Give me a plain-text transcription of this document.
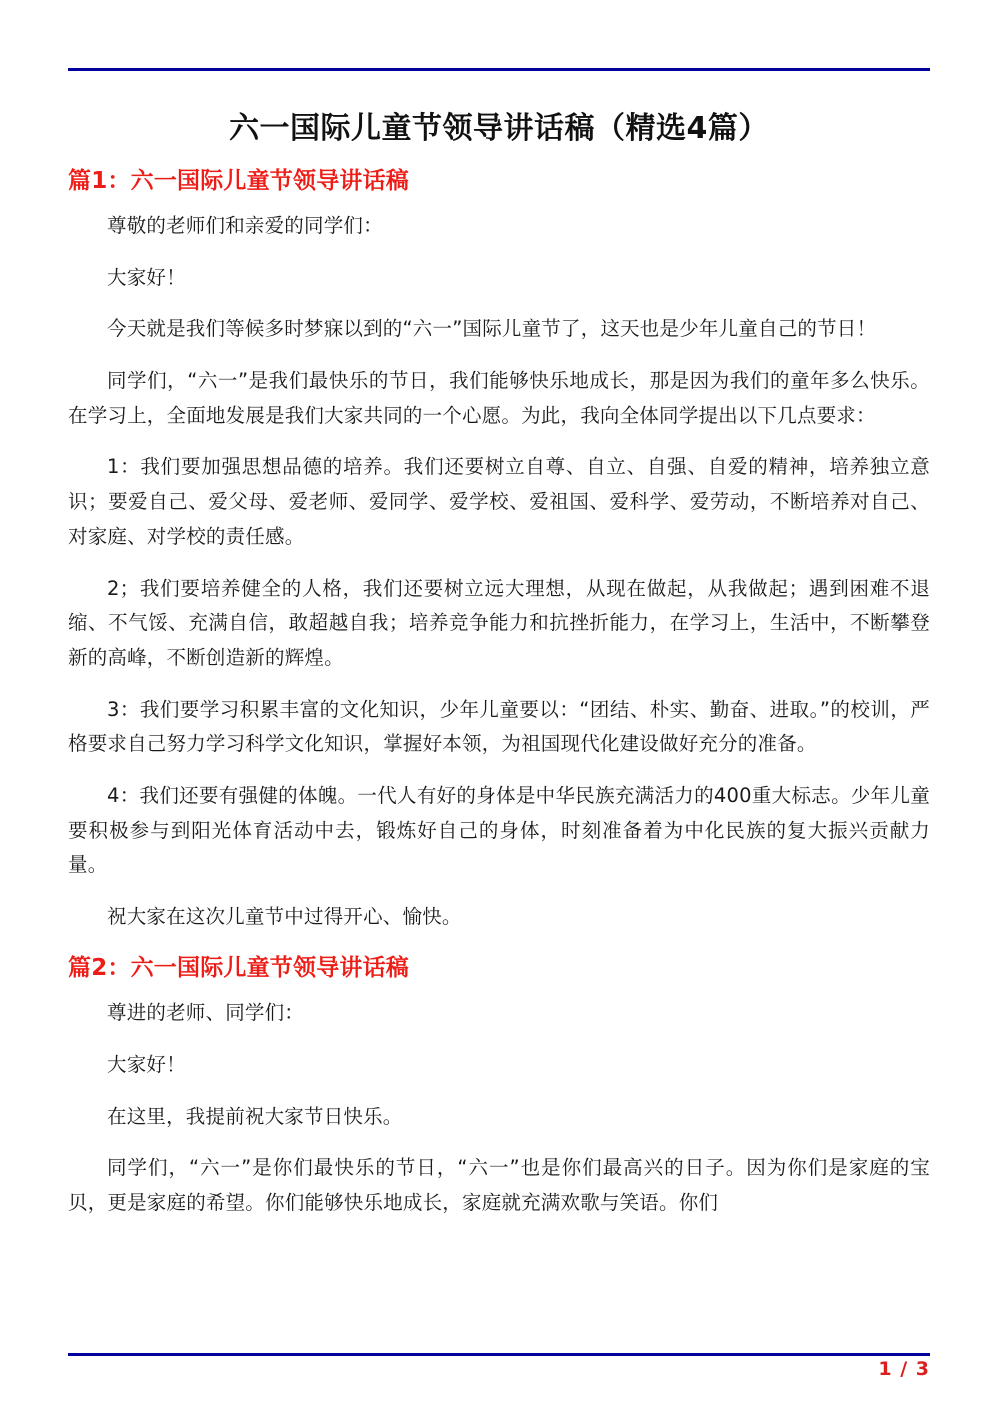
六一国际儿童节领导讲话稿（精选4篇）
篇1：六一国际儿童节领导讲话稿

尊敬的老师们和亲爱的同学们：

大家好！

今天就是我们等候多时梦寐以到的“六一”国际儿童节了，这天也是少年儿童自己的节日！

同学们，“六一”是我们最快乐的节日，我们能够快乐地成长，那是因为我们的童年多么快乐。在学习上，全面地发展是我们大家共同的一个心愿。为此，我向全体同学提出以下几点要求：

1：我们要加强思想品德的培养。我们还要树立自尊、自立、自强、自爱的精神，培养独立意识；要爱自己、爱父母、爱老师、爱同学、爱学校、爱祖国、爱科学、爱劳动，不断培养对自己、对家庭、对学校的责任感。

2；我们要培养健全的人格，我们还要树立远大理想，从现在做起，从我做起；遇到困难不退缩、不气馁、充满自信，敢超越自我；培养竞争能力和抗挫折能力，在学习上，生活中，不断攀登新的高峰，不断创造新的辉煌。

3：我们要学习积累丰富的文化知识，少年儿童要以：“团结、朴实、勤奋、进取。”的校训，严格要求自己努力学习科学文化知识，掌握好本领，为祖国现代化建设做好充分的准备。

4：我们还要有强健的体魄。一代人有好的身体是中华民族充满活力的400重大标志。少年儿童要积极参与到阳光体育活动中去，锻炼好自己的身体，时刻准备着为中化民族的复大振兴贡献力量。

祝大家在这次儿童节中过得开心、愉快。

篇2：六一国际儿童节领导讲话稿

尊进的老师、同学们：

大家好！

在这里，我提前祝大家节日快乐。

同学们，“六一”是你们最快乐的节日，“六一”也是你们最高兴的日子。因为你们是家庭的宝贝，更是家庭的希望。你们能够快乐地成长，家庭就充满欢歌与笑语。你们

1 / 3
